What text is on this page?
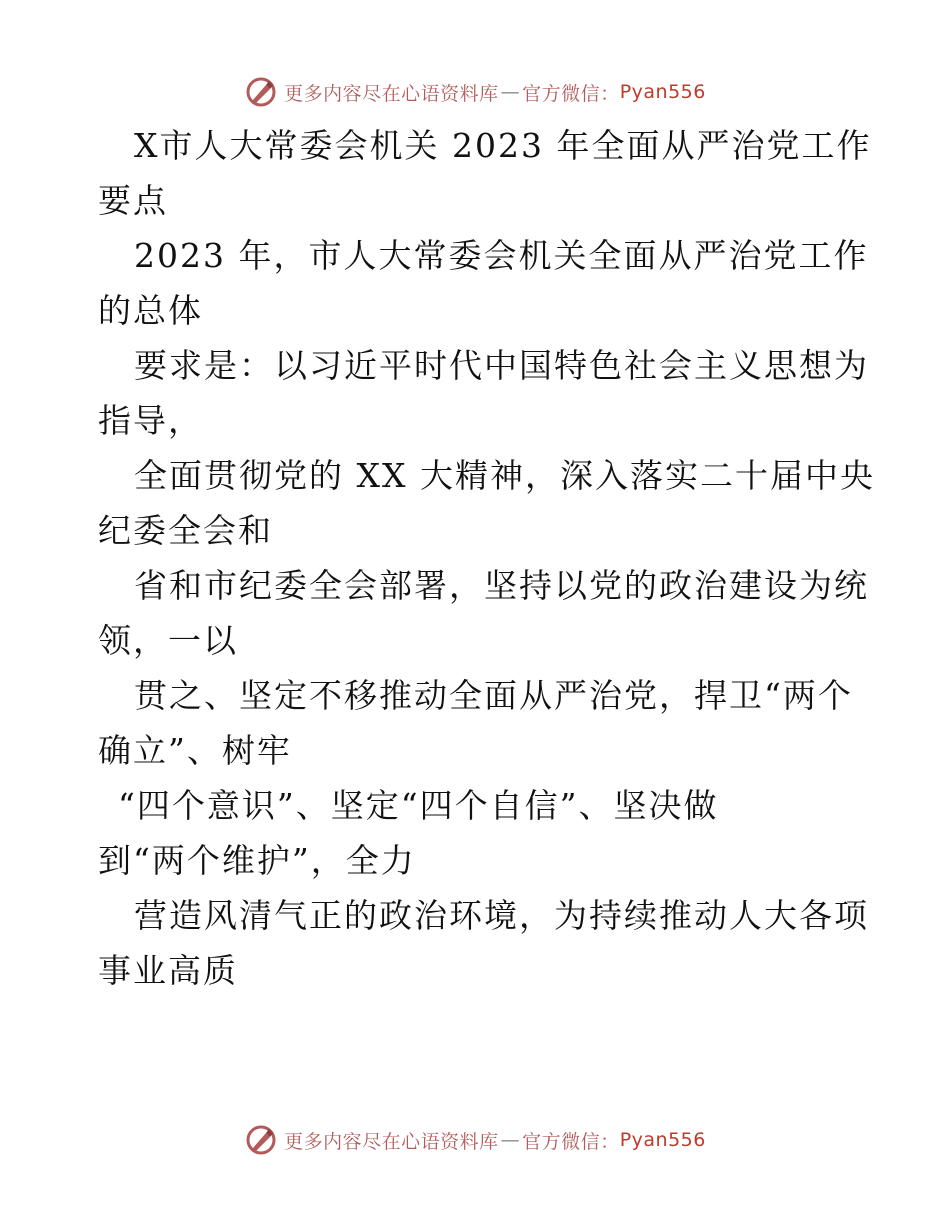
更多内容尽在心语资料库 — 官方微信： Pyan556
X市人大常委会机关 2023 年全面从严治党工作
要点
2023 年，市人大常委会机关全面从严治党工作
的总体
要求是：以习近平时代中国特色社会主义思想为
指导，
全面贯彻党的 XX 大精神，深入落实二十届中央
纪委全会和
省和市纪委全会部署，坚持以党的政治建设为统
领，一以
贯之、坚定不移推动全面从严治党，捍卫“两个
确立”、树牢
“四个意识”、坚定“四个自信”、坚决做
到“两个维护”，全力
营造风清气正的政治环境，为持续推动人大各项
事业高质
更多内容尽在心语资料库 — 官方微信： Pyan556
